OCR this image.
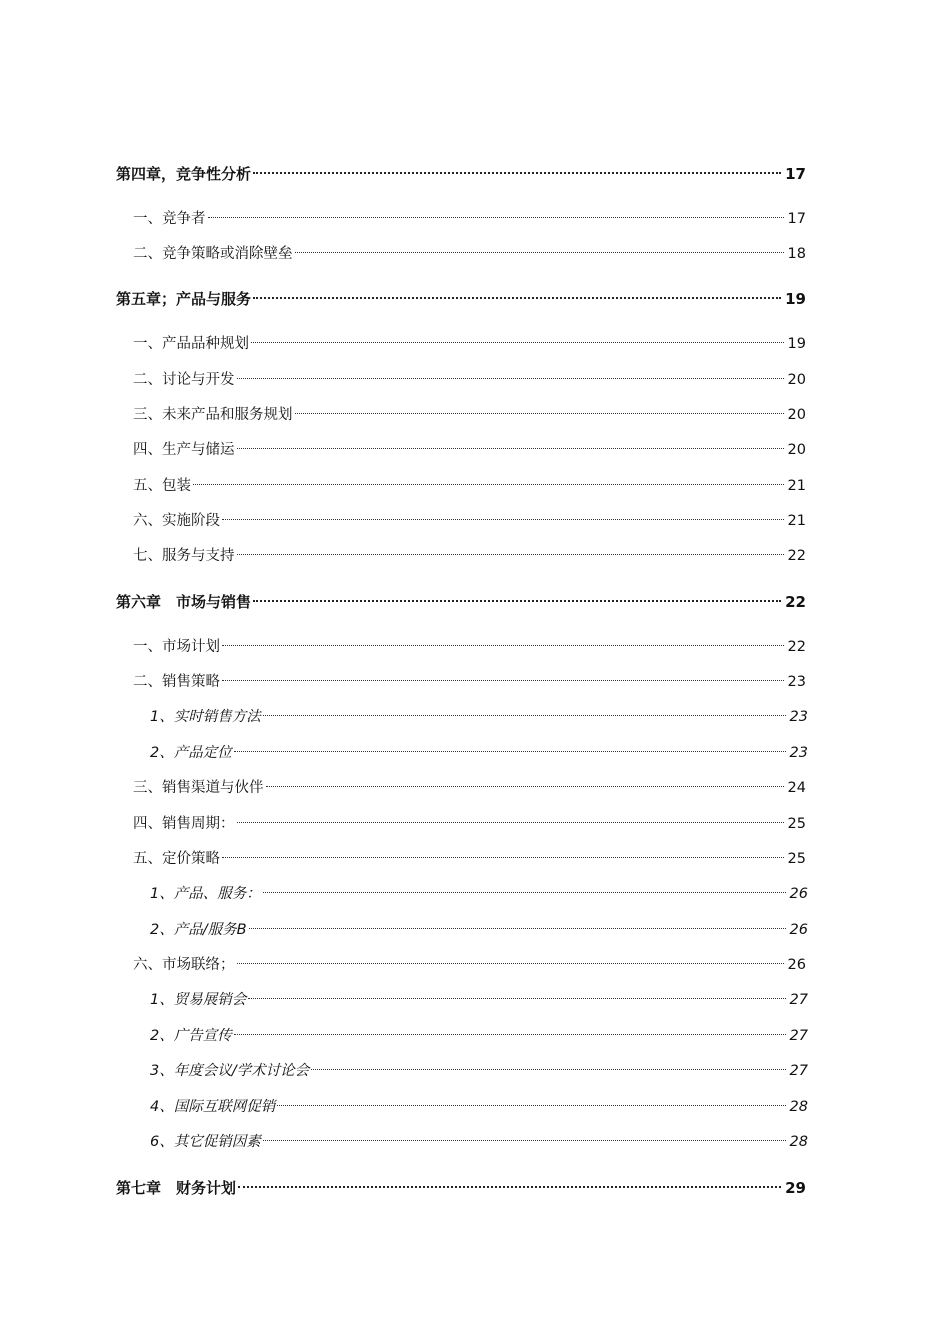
第四章，竞争性分析	17
一、竞争者	17
二、竞争策略或消除壁垒	18
第五章；产品与服务	19
一、产品品种规划	19
二、讨论与开发	20
三、未来产品和服务规划	20
四、生产与储运	20
五、包装	21
六、实施阶段	21
七、服务与支持	22
第六章　市场与销售	22
一、市场计划	22
二、销售策略	23
1、实时销售方法	23
2、产品定位	23
三、销售渠道与伙伴	24
四、销售周期：	25
五、定价策略	25
1、产品、服务：	26
2、产品/服务B	26
六、市场联络；	26
1、贸易展销会	27
2、广告宣传	27
3、年度会议/学术讨论会	27
4、国际互联网促销	28
6、其它促销因素	28
第七章　财务计划	29
